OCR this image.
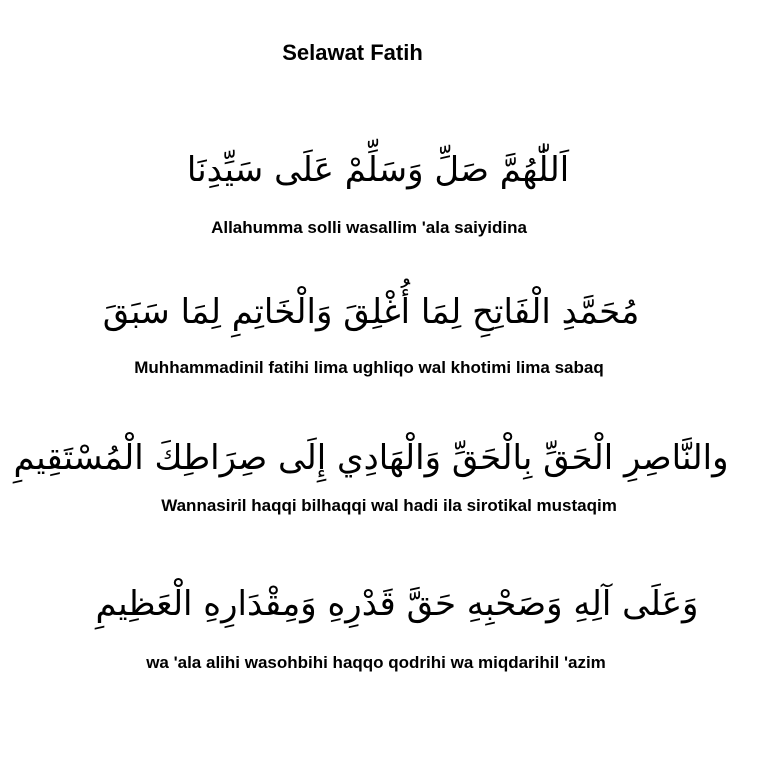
Selawat Fatih
اَللّٰهُمَّ صَلِّ وَسَلِّمْ عَلَى سَيِّدِنَا
Allahumma solli wasallim 'ala saiyidina
مُحَمَّدِ الْفَاتِحِ لِمَا أُغْلِقَ وَالْخَاتِمِ لِمَا سَبَقَ
Muhhammadinil fatihi lima ughliqo wal khotimi lima sabaq
والنَّاصِرِ الْحَقِّ بِالْحَقِّ وَالْهَادِي إِلَى صِرَاطِكَ الْمُسْتَقِيمِ
Wannasiril haqqi bilhaqqi wal hadi ila sirotikal mustaqim
وَعَلَى آلِهِ وَصَحْبِهِ حَقَّ قَدْرِهِ وَمِقْدَارِهِ الْعَظِيمِ
wa 'ala alihi wasohbihi haqqo qodrihi wa miqdarihil 'azim
